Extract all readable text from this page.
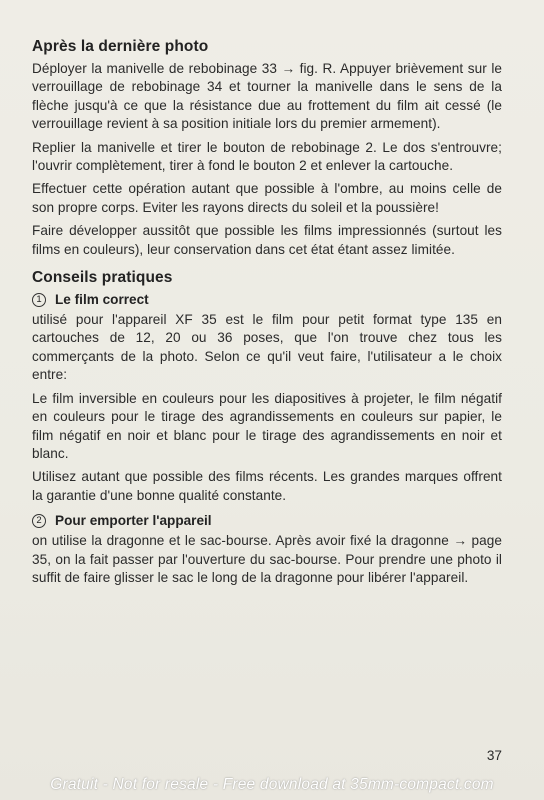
Après la dernière photo

Déployer la manivelle de rebobinage 33 → fig. R. Appuyer brièvement sur le verrouillage de rebobinage 34 et tourner la manivelle dans le sens de la flèche jusqu'à ce que la résistance due au frottement du film ait cessé (le verrouillage revient à sa position initiale lors du premier armement).

Replier la manivelle et tirer le bouton de rebobinage 2. Le dos s'entrouvre; l'ouvrir complètement, tirer à fond le bouton 2 et enlever la cartouche.

Effectuer cette opération autant que possible à l'ombre, au moins celle de son propre corps. Eviter les rayons directs du soleil et la poussière!

Faire développer aussitôt que possible les films impressionnés (surtout les films en couleurs), leur conservation dans cet état étant assez limitée.

Conseils pratiques
1 Le film correct

utilisé pour l'appareil XF 35 est le film pour petit format type 135 en cartouches de 12, 20 ou 36 poses, que l'on trouve chez tous les commerçants de la photo. Selon ce qu'il veut faire, l'utilisateur a le choix entre:

Le film inversible en couleurs pour les diapositives à projeter, le film négatif en couleurs pour le tirage des agrandissements en couleurs sur papier, le film négatif en noir et blanc pour le tirage des agrandissements en noir et blanc.

Utilisez autant que possible des films récents. Les grandes marques offrent la garantie d'une bonne qualité constante.

2 Pour emporter l'appareil

on utilise la dragonne et le sac-bourse. Après avoir fixé la dragonne → page 35, on la fait passer par l'ouverture du sac-bourse. Pour prendre une photo il suffit de faire glisser le sac le long de la dragonne pour libérer l'appareil.

37
Gratuit - Not for resale - Free download at 35mm-compact.com
